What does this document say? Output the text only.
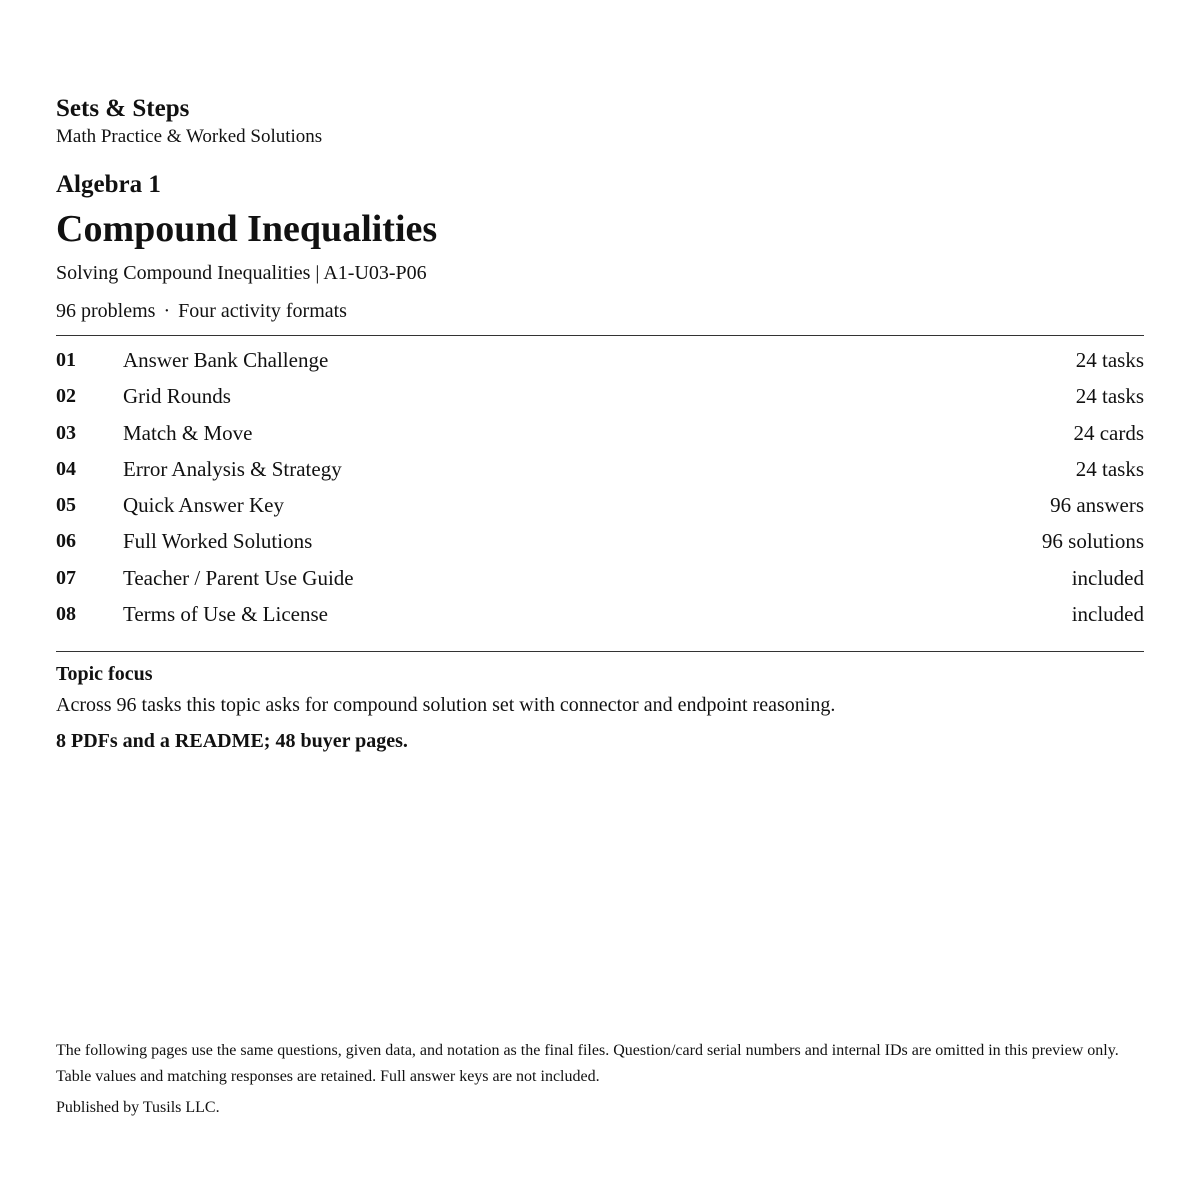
Sets & Steps
Math Practice & Worked Solutions
Algebra 1
Compound Inequalities
Solving Compound Inequalities | A1-U03-P06
96 problems · Four activity formats
01 Answer Bank Challenge	24 tasks
02 Grid Rounds	24 tasks
03 Match & Move	24 cards
04 Error Analysis & Strategy	24 tasks
05 Quick Answer Key	96 answers
06 Full Worked Solutions	96 solutions
07 Teacher / Parent Use Guide	included
08 Terms of Use & License	included
Topic focus
Across 96 tasks this topic asks for compound solution set with connector and endpoint reasoning.
8 PDFs and a README; 48 buyer pages.
The following pages use the same questions, given data, and notation as the final files. Question/card serial numbers and internal IDs are omitted in this preview only. Table values and matching responses are retained. Full answer keys are not included.
Published by Tusils LLC.
